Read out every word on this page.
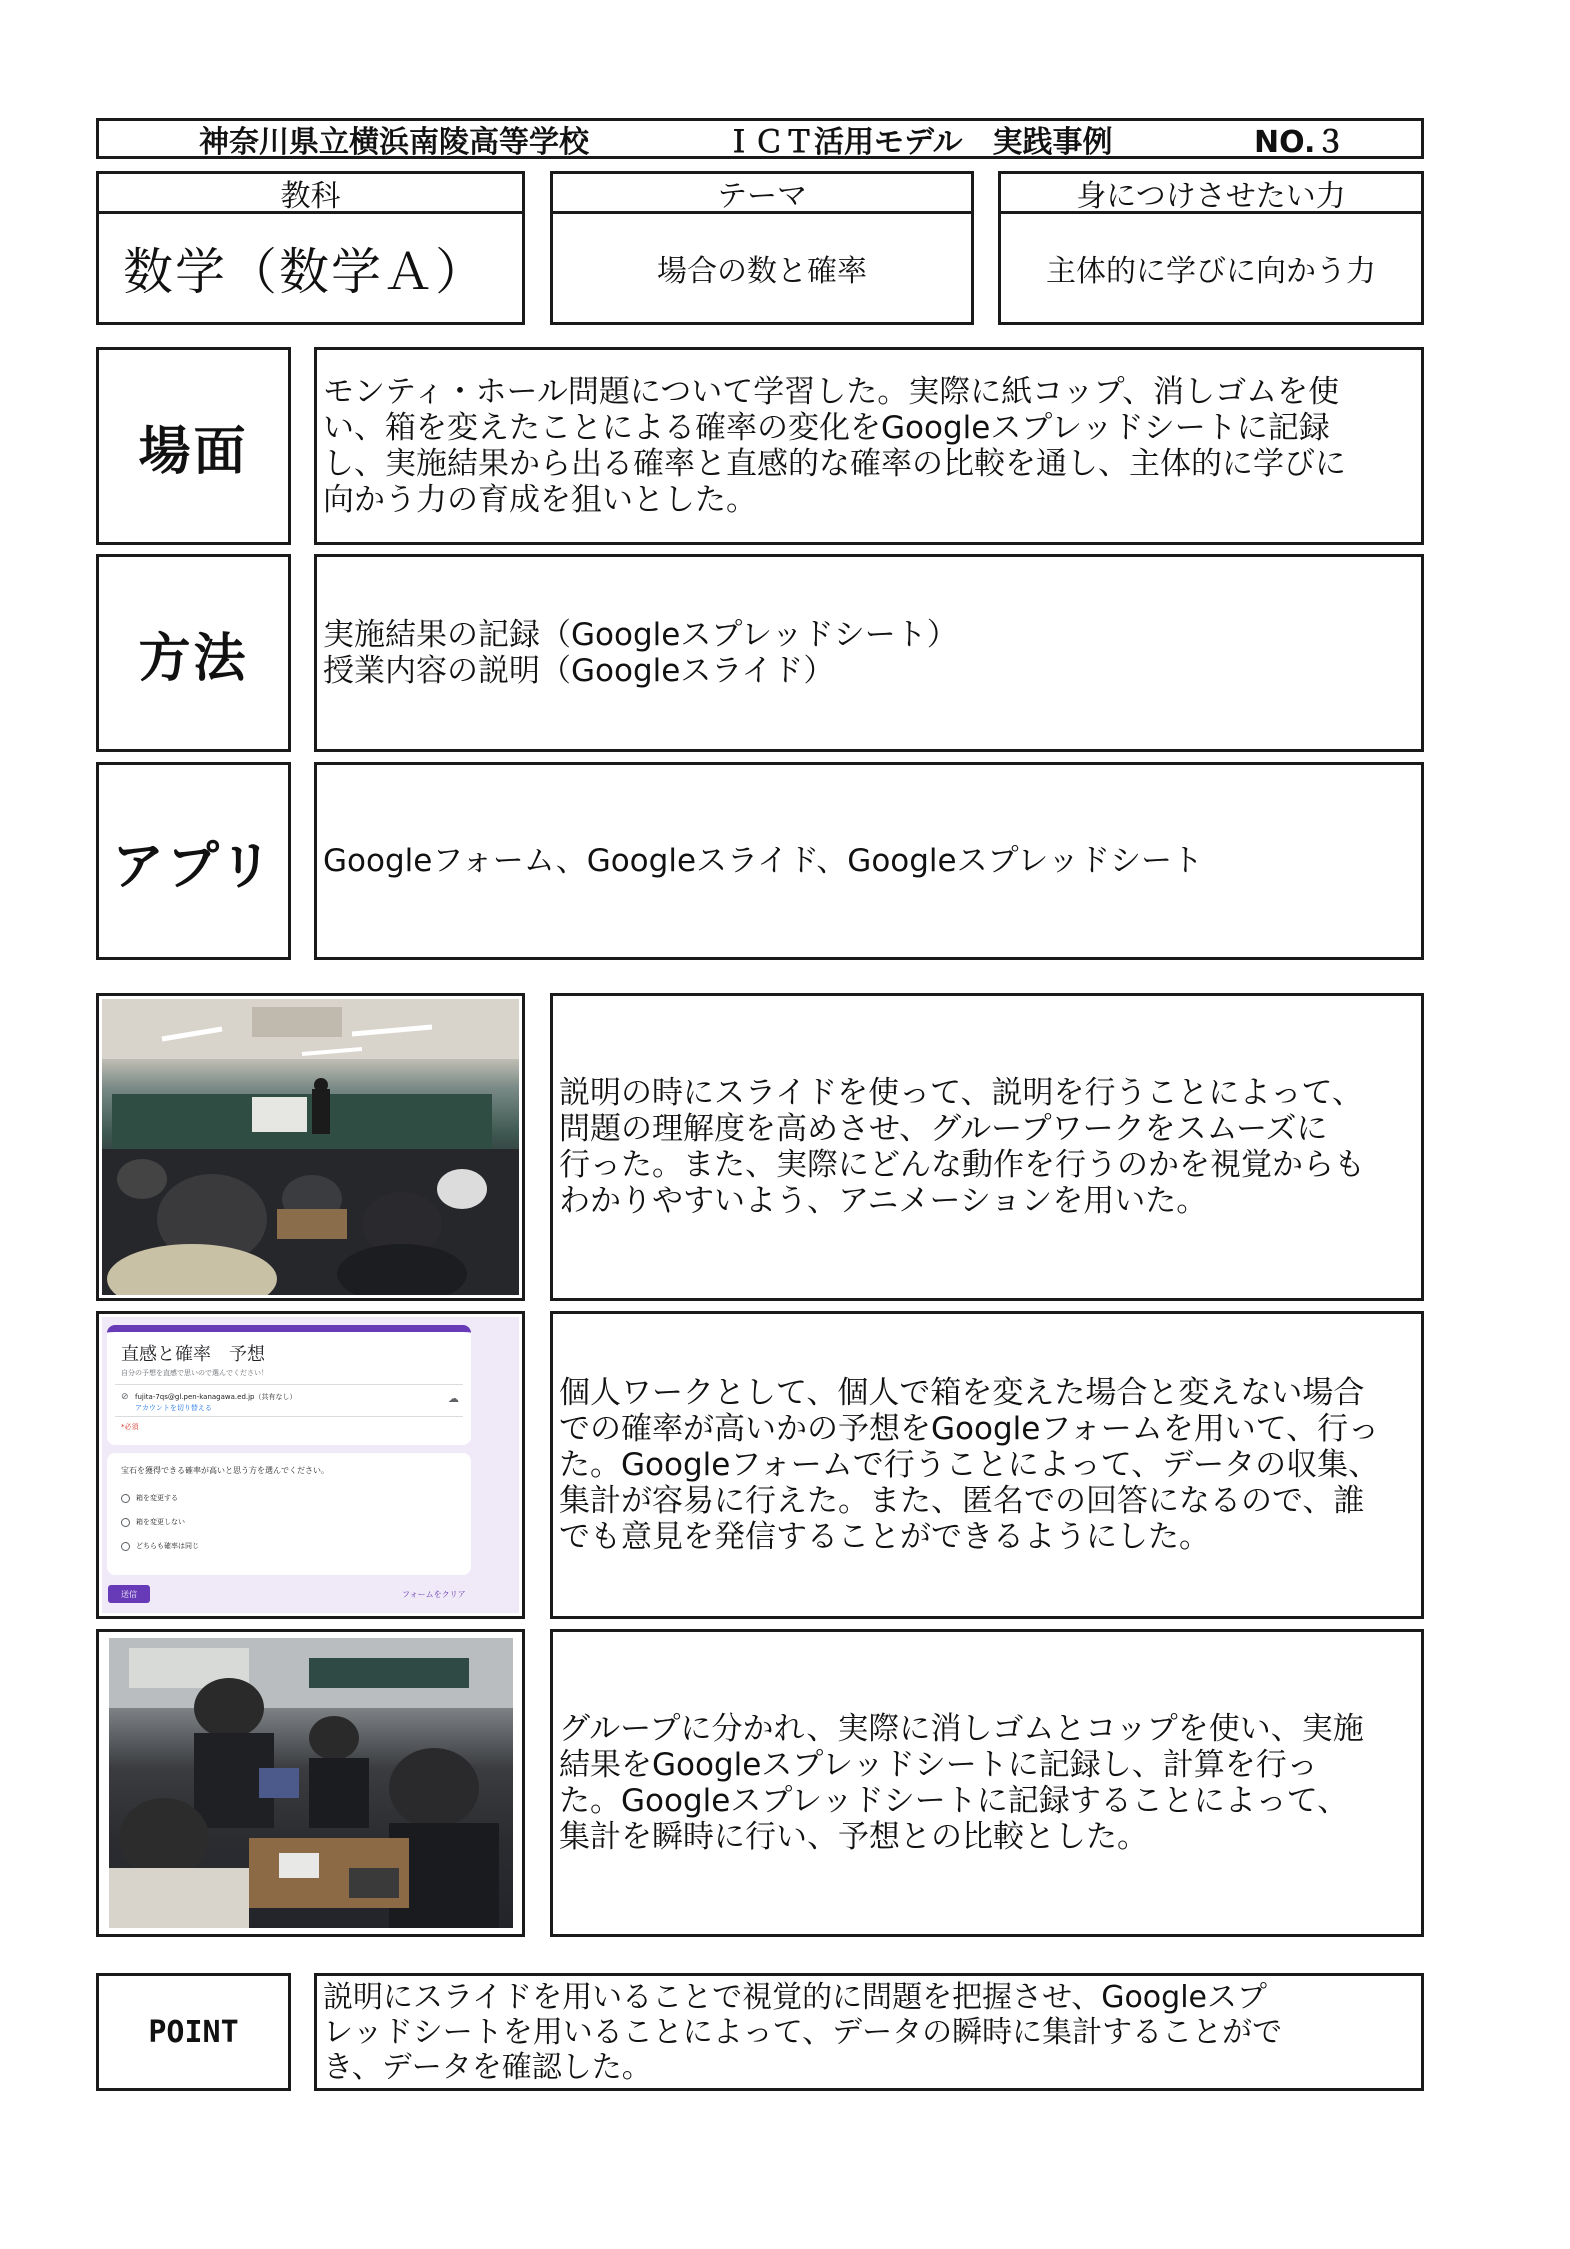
神奈川県立横浜南陵高等学校	ＩＣＴ活用モデル　実践事例	NO.３
教科
数学（数学Ａ）
テーマ
場合の数と確率
身につけさせたい力
主体的に学びに向かう力
場面

モンティ・ホール問題について学習した。実際に紙コップ、消しゴムを使
い、箱を変えたことによる確率の変化をGoogleスプレッドシートに記録
し、実施結果から出る確率と直感的な確率の比較を通し、主体的に学びに
向かう力の育成を狙いとした。

方法	実施結果の記録（Googleスプレッドシート）
授業内容の説明（Googleスライド）

アプリ	Googleフォーム、Googleスライド、Googleスプレッドシート

説明の時にスライドを使って、説明を行うことによって、
問題の理解度を高めさせ、グループワークをスムーズに
行った。また、実際にどんな動作を行うのかを視覚からも
わかりやすいよう、アニメーションを用いた。

直感と確率　予想
自分の予想を直感で思いので選んでください！
⊘ fujita-7qs@gl.pen-kanagawa.ed.jp（共有なし）
アカウントを切り替える
☁
*必須
宝石を獲得できる確率が高いと思う方を選んでください。
箱を変更する
箱を変更しない
どちらも確率は同じ
送信	フォームをクリア

個人ワークとして、個人で箱を変えた場合と変えない場合
での確率が高いかの予想をGoogleフォームを用いて、行っ
た。Googleフォームで行うことによって、データの収集、
集計が容易に行えた。また、匿名での回答になるので、誰
でも意見を発信することができるようにした。

グループに分かれ、実際に消しゴムとコップを使い、実施
結果をGoogleスプレッドシートに記録し、計算を行っ
た。Googleスプレッドシートに記録することによって、
集計を瞬時に行い、予想との比較とした。

POINT

説明にスライドを用いることで視覚的に問題を把握させ、Googleスプ
レッドシートを用いることによって、データの瞬時に集計することがで
き、データを確認した。
